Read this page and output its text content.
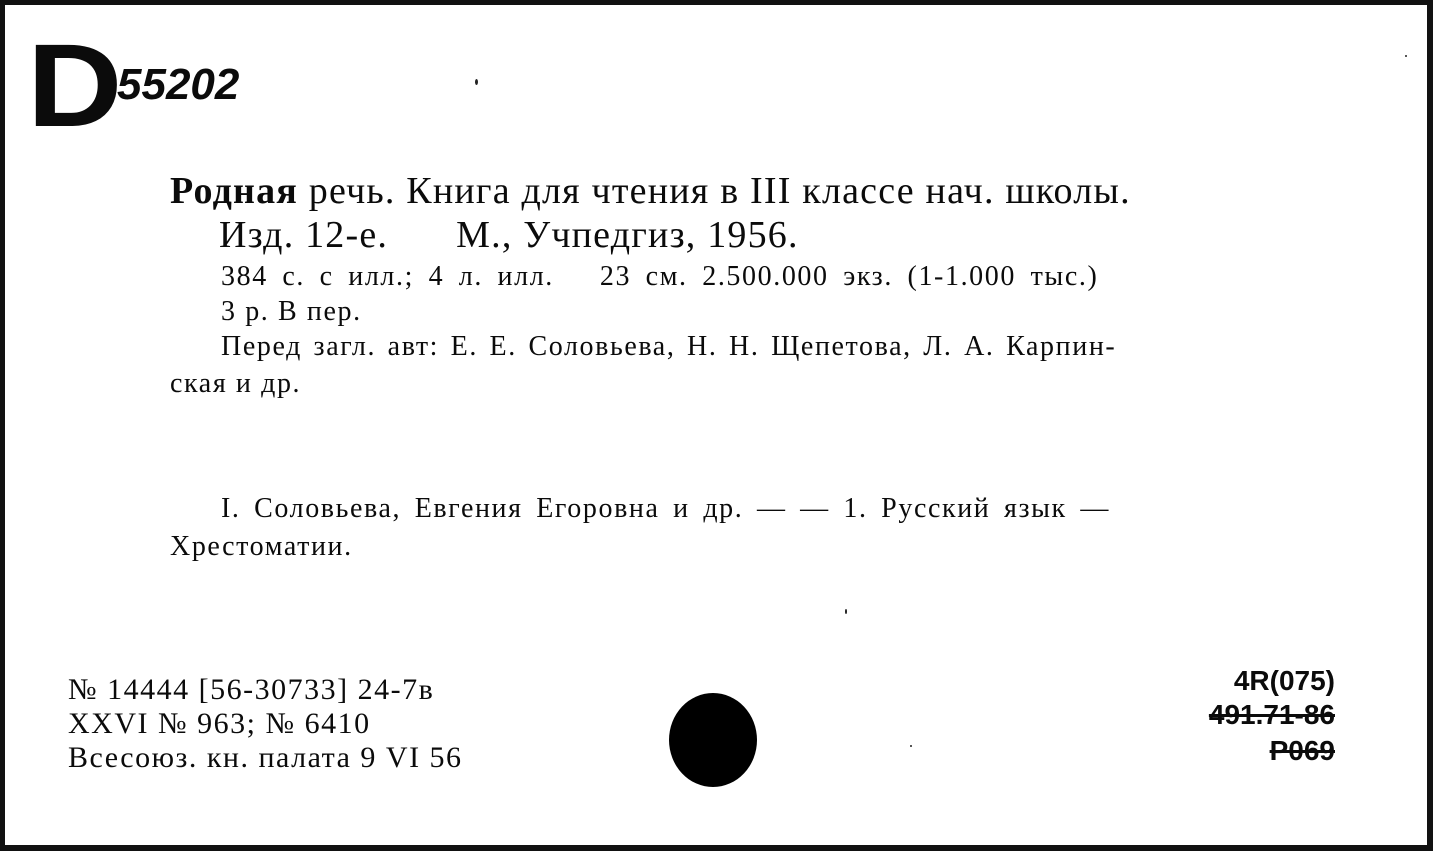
D
55202
Родная речь. Книга для чтения в III классе нач. школы.
Изд. 12-е. М., Учпедгиз, 1956.
384 с. с илл.; 4 л. илл. 23 см. 2.500.000 экз. (1-1.000 тыс.)
3 р. В пер.
Перед загл. авт: Е. Е. Соловьева, Н. Н. Щепетова, Л. А. Карпин-
ская и др.
I. Соловьева, Евгения Егоровна и др. — — 1. Русский язык —
Хрестоматии.
№ 14444 [56-30733] 24-7в
XXVI № 963; № 6410
Всесоюз. кн. палата 9 VI 56
4R(075)
491.71-86
P069
